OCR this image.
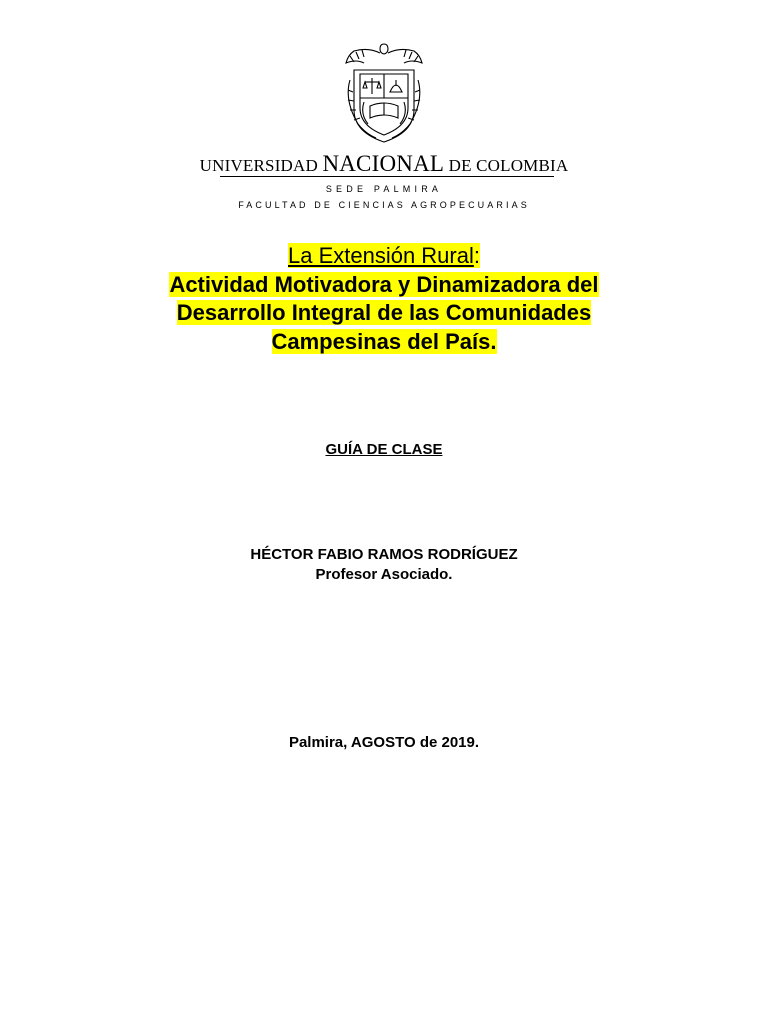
UNIVERSIDAD NACIONAL DE COLOMBIA
SEDE PALMIRA
FACULTAD DE CIENCIAS AGROPECUARIAS
La Extensión Rural:
Actividad Motivadora y Dinamizadora del
Desarrollo Integral de las Comunidades
Campesinas del País.
GUÍA DE CLASE
HÉCTOR FABIO RAMOS RODRÍGUEZ
Profesor Asociado.
Palmira, AGOSTO de 2019.
